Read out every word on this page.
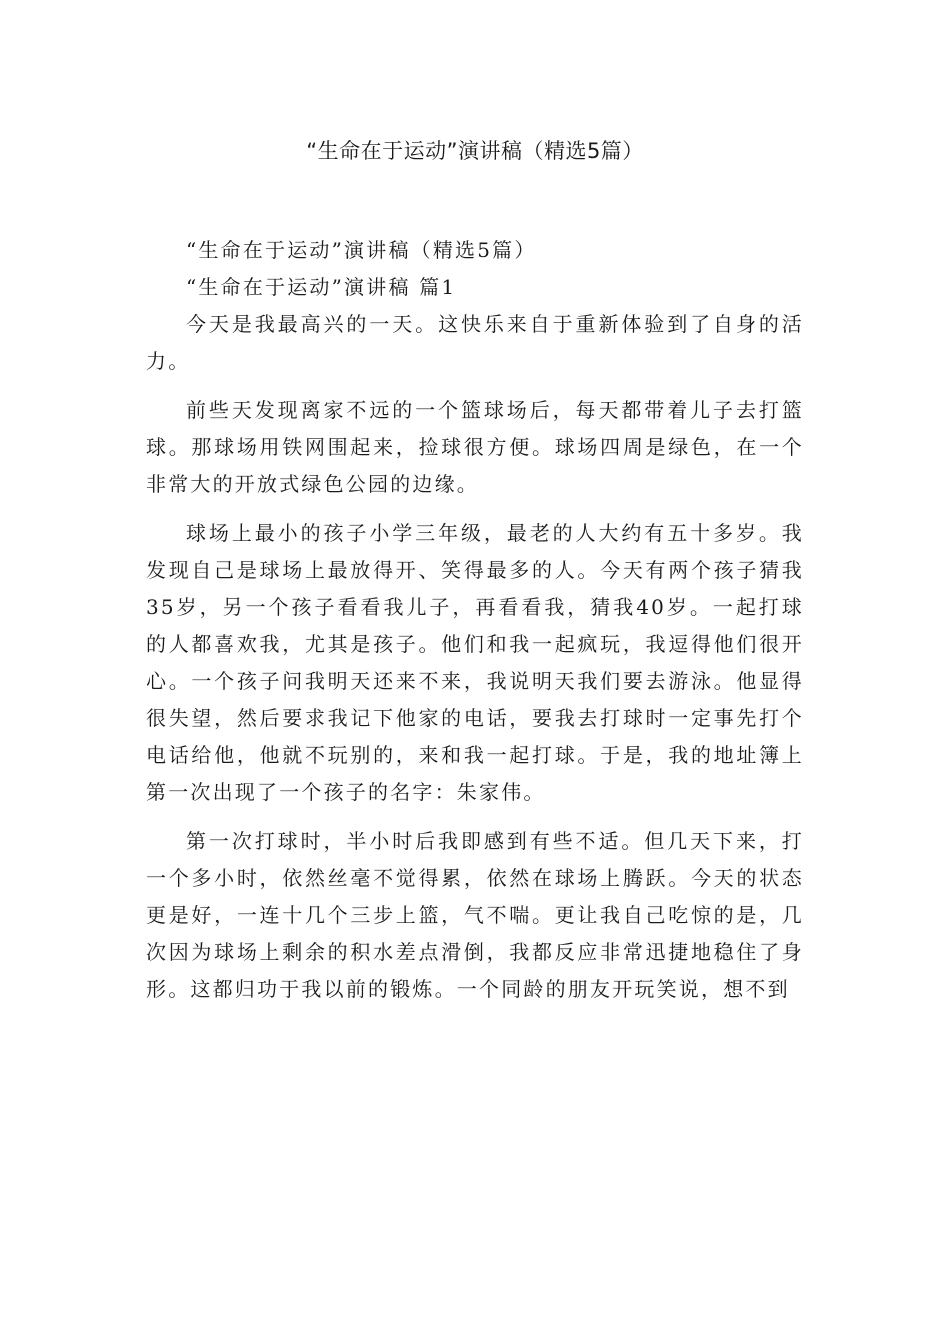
“生命在于运动”演讲稿（精选5篇）

“生命在于运动”演讲稿（精选5篇）

“生命在于运动”演讲稿 篇1

今天是我最高兴的一天。这快乐来自于重新体验到了自身的活力。

前些天发现离家不远的一个篮球场后，每天都带着儿子去打篮球。那球场用铁网围起来，捡球很方便。球场四周是绿色，在一个非常大的开放式绿色公园的边缘。

球场上最小的孩子小学三年级，最老的人大约有五十多岁。我发现自己是球场上最放得开、笑得最多的人。今天有两个孩子猜我35岁，另一个孩子看看我儿子，再看看我，猜我40岁。一起打球的人都喜欢我，尤其是孩子。他们和我一起疯玩，我逗得他们很开心。一个孩子问我明天还来不来，我说明天我们要去游泳。他显得很失望，然后要求我记下他家的电话，要我去打球时一定事先打个电话给他，他就不玩别的，来和我一起打球。于是，我的地址簿上第一次出现了一个孩子的名字：朱家伟。

第一次打球时，半小时后我即感到有些不适。但几天下来，打一个多小时，依然丝毫不觉得累，依然在球场上腾跃。今天的状态更是好，一连十几个三步上篮，气不喘。更让我自己吃惊的是，几次因为球场上剩余的积水差点滑倒，我都反应非常迅捷地稳住了身形。这都归功于我以前的锻炼。一个同龄的朋友开玩笑说，想不到
